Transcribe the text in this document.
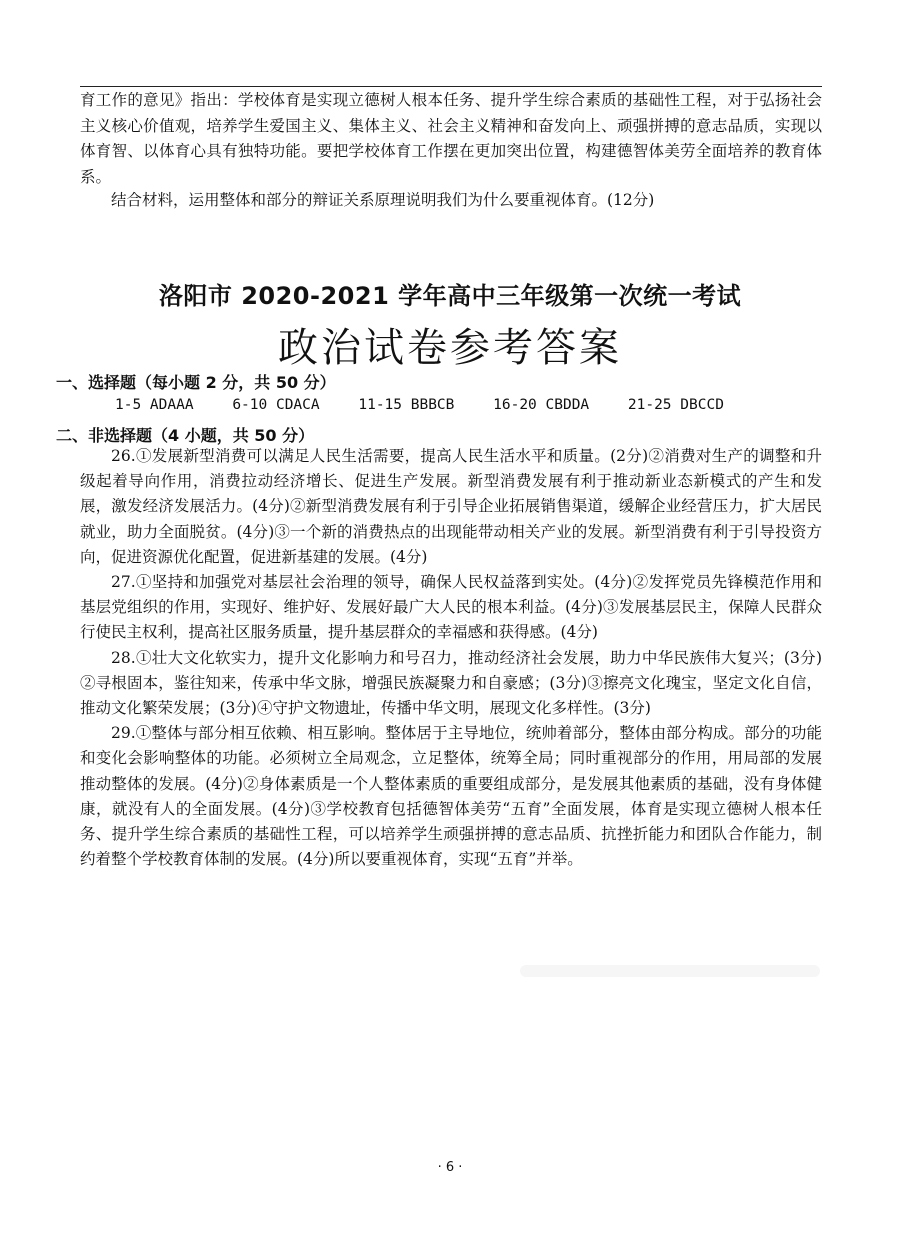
育工作的意见》指出：学校体育是实现立德树人根本任务、提升学生综合素质的基础性工程，对于弘扬社会主义核心价值观，培养学生爱国主义、集体主义、社会主义精神和奋发向上、顽强拼搏的意志品质，实现以体育智、以体育心具有独特功能。要把学校体育工作摆在更加突出位置，构建德智体美劳全面培养的教育体系。

结合材料，运用整体和部分的辩证关系原理说明我们为什么要重视体育。(12分)

洛阳市 2020-2021 学年高中三年级第一次统一考试
政治试卷参考答案

一、选择题（每小题 2 分，共 50 分）

1-5 ADAAA	6-10 CDACA	11-15 BBBCB	16-20 CBDDA	21-25 DBCCD

二、非选择题（4 小题，共 50 分）

26.①发展新型消费可以满足人民生活需要，提高人民生活水平和质量。(2分)②消费对生产的调整和升级起着导向作用，消费拉动经济增长、促进生产发展。新型消费发展有利于推动新业态新模式的产生和发展，激发经济发展活力。(4分)②新型消费发展有利于引导企业拓展销售渠道，缓解企业经营压力，扩大居民就业，助力全面脱贫。(4分)③一个新的消费热点的出现能带动相关产业的发展。新型消费有利于引导投资方向，促进资源优化配置，促进新基建的发展。(4分)

27.①坚持和加强党对基层社会治理的领导，确保人民权益落到实处。(4分)②发挥党员先锋模范作用和基层党组织的作用，实现好、维护好、发展好最广大人民的根本利益。(4分)③发展基层民主，保障人民群众行使民主权利，提高社区服务质量，提升基层群众的幸福感和获得感。(4分)

28.①壮大文化软实力，提升文化影响力和号召力，推动经济社会发展，助力中华民族伟大复兴；(3分)②寻根固本，鉴往知来，传承中华文脉，增强民族凝聚力和自豪感；(3分)③擦亮文化瑰宝，坚定文化自信，推动文化繁荣发展；(3分)④守护文物遗址，传播中华文明，展现文化多样性。(3分)

29.①整体与部分相互依赖、相互影响。整体居于主导地位，统帅着部分，整体由部分构成。部分的功能和变化会影响整体的功能。必须树立全局观念，立足整体，统筹全局；同时重视部分的作用，用局部的发展推动整体的发展。(4分)②身体素质是一个人整体素质的重要组成部分，是发展其他素质的基础，没有身体健康，就没有人的全面发展。(4分)③学校教育包括德智体美劳“五育”全面发展，体育是实现立德树人根本任务、提升学生综合素质的基础性工程，可以培养学生顽强拼搏的意志品质、抗挫折能力和团队合作能力，制约着整个学校教育体制的发展。(4分)所以要重视体育，实现“五育”并举。

· 6 ·
